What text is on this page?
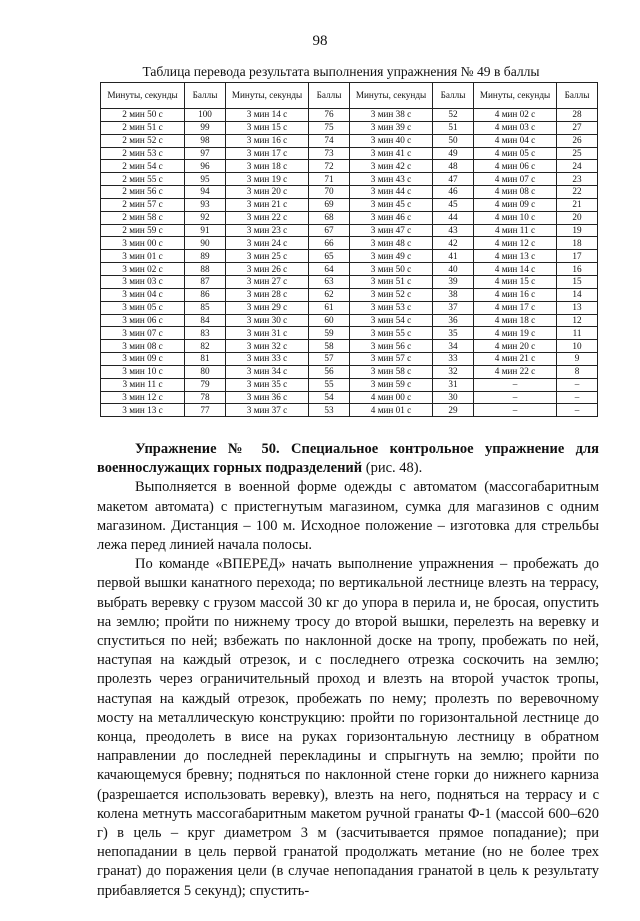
98
Таблица перевода результата выполнения упражнения № 49 в баллы
Минуты, секунды	Баллы	Минуты, секунды	Баллы	Минуты, секунды	Баллы	Минуты, секунды	Баллы
2 мин 50 с	100	3 мин 14 с	76	3 мин 38 с	52	4 мин 02 с	28
2 мин 51 с	99	3 мин 15 с	75	3 мин 39 с	51	4 мин 03 с	27
2 мин 52 с	98	3 мин 16 с	74	3 мин 40 с	50	4 мин 04 с	26
2 мин 53 с	97	3 мин 17 с	73	3 мин 41 с	49	4 мин 05 с	25
2 мин 54 с	96	3 мин 18 с	72	3 мин 42 с	48	4 мин 06 с	24
2 мин 55 с	95	3 мин 19 с	71	3 мин 43 с	47	4 мин 07 с	23
2 мин 56 с	94	3 мин 20 с	70	3 мин 44 с	46	4 мин 08 с	22
2 мин 57 с	93	3 мин 21 с	69	3 мин 45 с	45	4 мин 09 с	21
2 мин 58 с	92	3 мин 22 с	68	3 мин 46 с	44	4 мин 10 с	20
2 мин 59 с	91	3 мин 23 с	67	3 мин 47 с	43	4 мин 11 с	19
3 мин 00 с	90	3 мин 24 с	66	3 мин 48 с	42	4 мин 12 с	18
3 мин 01 с	89	3 мин 25 с	65	3 мин 49 с	41	4 мин 13 с	17
3 мин 02 с	88	3 мин 26 с	64	3 мин 50 с	40	4 мин 14 с	16
3 мин 03 с	87	3 мин 27 с	63	3 мин 51 с	39	4 мин 15 с	15
3 мин 04 с	86	3 мин 28 с	62	3 мин 52 с	38	4 мин 16 с	14
3 мин 05 с	85	3 мин 29 с	61	3 мин 53 с	37	4 мин 17 с	13
3 мин 06 с	84	3 мин 30 с	60	3 мин 54 с	36	4 мин 18 с	12
3 мин 07 с	83	3 мин 31 с	59	3 мин 55 с	35	4 мин 19 с	11
3 мин 08 с	82	3 мин 32 с	58	3 мин 56 с	34	4 мин 20 с	10
3 мин 09 с	81	3 мин 33 с	57	3 мин 57 с	33	4 мин 21 с	9
3 мин 10 с	80	3 мин 34 с	56	3 мин 58 с	32	4 мин 22 с	8
3 мин 11 с	79	3 мин 35 с	55	3 мин 59 с	31	–	–
3 мин 12 с	78	3 мин 36 с	54	4 мин 00 с	30	–	–
3 мин 13 с	77	3 мин 37 с	53	4 мин 01 с	29	–	–

Упражнение № 50. Специальное контрольное упражнение для военнослужащих горных подразделений (рис. 48).

Выполняется в военной форме одежды с автоматом (массогабаритным макетом автомата) с пристегнутым магазином, сумка для магазинов с одним магазином. Дистанция – 100 м. Исходное положение – изготовка для стрельбы лежа перед линией начала полосы.

По команде «ВПЕРЕД» начать выполнение упражнения – пробежать до первой вышки канатного перехода; по вертикальной лестнице влезть на террасу, выбрать веревку с грузом массой 30 кг до упора в перила и, не бросая, опустить на землю; пройти по нижнему тросу до второй вышки, перелезть на веревку и спуститься по ней; взбежать по наклонной доске на тропу, пробежать по ней, наступая на каждый отрезок, и с последнего отрезка соскочить на землю; пролезть через ограничительный проход и влезть на второй участок тропы, наступая на каждый отрезок, пробежать по нему; пролезть по веревочному мосту на металлическую конструкцию: пройти по горизонтальной лестнице до конца, преодолеть в висе на руках горизонтальную лестницу в обратном направлении до последней перекладины и спрыгнуть на землю; пройти по качающемуся бревну; подняться по наклонной стене горки до нижнего карниза (разрешается использовать веревку), влезть на него, подняться на террасу и с колена метнуть массогабаритным макетом ручной гранаты Ф-1 (массой 600–620 г) в цель – круг диаметром 3 м (засчитывается прямое попадание); при непопадании в цель первой гранатой продолжать метание (но не более трех гранат) до поражения цели (в случае непопадания гранатой в цель к результату прибавляется 5 секунд); спустить-
